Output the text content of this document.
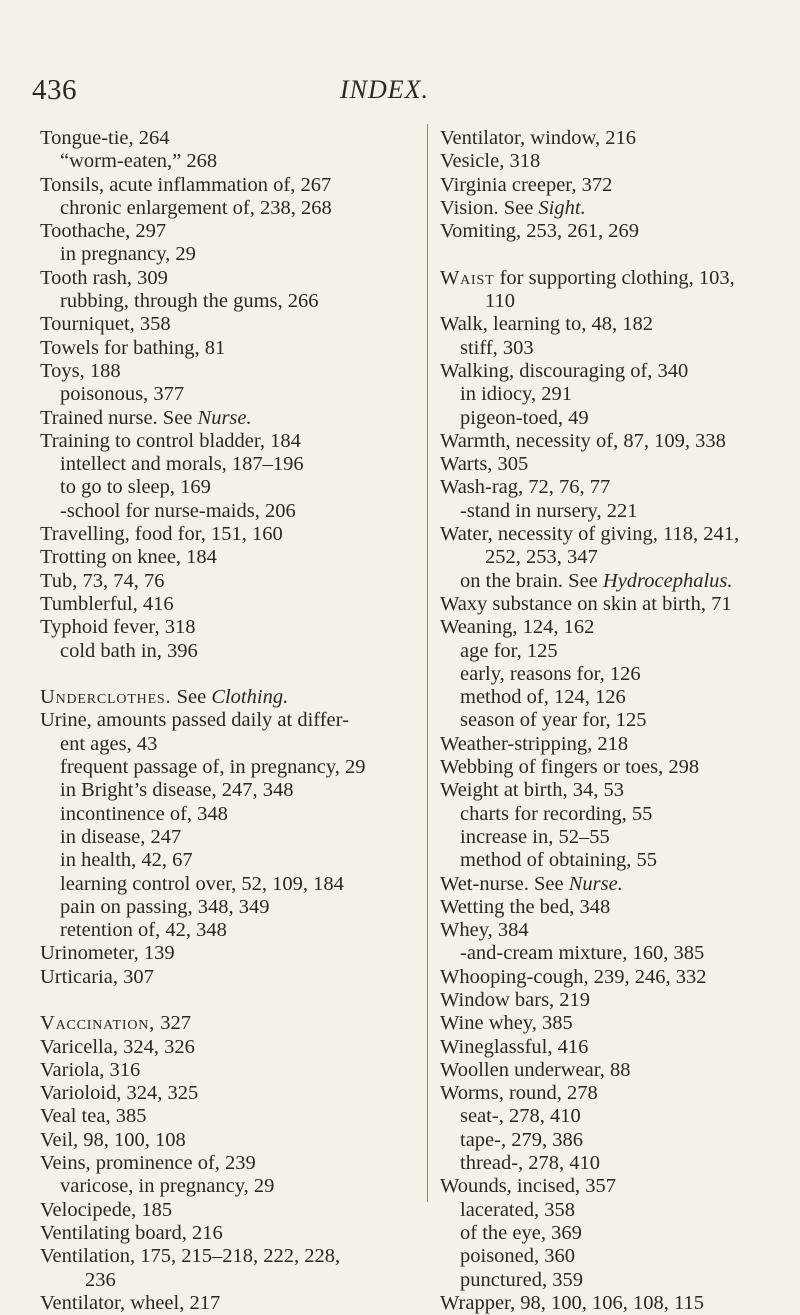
436	INDEX.
Tongue-tie, 264
“worm-eaten,” 268
Tonsils, acute inflammation of, 267
chronic enlargement of, 238, 268
Toothache, 297
in pregnancy, 29
Tooth rash, 309
rubbing, through the gums, 266
Tourniquet, 358
Towels for bathing, 81
Toys, 188
poisonous, 377
Trained nurse. See Nurse.
Training to control bladder, 184
intellect and morals, 187–196
to go to sleep, 169
-school for nurse-maids, 206
Travelling, food for, 151, 160
Trotting on knee, 184
Tub, 73, 74, 76
Tumblerful, 416
Typhoid fever, 318
cold bath in, 396
Underclothes. See Clothing.
Urine, amounts passed daily at differ-
ent ages, 43
frequent passage of, in pregnancy, 29
in Bright’s disease, 247, 348
incontinence of, 348
in disease, 247
in health, 42, 67
learning control over, 52, 109, 184
pain on passing, 348, 349
retention of, 42, 348
Urinometer, 139
Urticaria, 307
Vaccination, 327
Varicella, 324, 326
Variola, 316
Varioloid, 324, 325
Veal tea, 385
Veil, 98, 100, 108
Veins, prominence of, 239
varicose, in pregnancy, 29
Velocipede, 185
Ventilating board, 216
Ventilation, 175, 215–218, 222, 228,
236
Ventilator, wheel, 217
Ventilator, window, 216
Vesicle, 318
Virginia creeper, 372
Vision. See Sight.
Vomiting, 253, 261, 269
Waist for supporting clothing, 103,
110
Walk, learning to, 48, 182
stiff, 303
Walking, discouraging of, 340
in idiocy, 291
pigeon-toed, 49
Warmth, necessity of, 87, 109, 338
Warts, 305
Wash-rag, 72, 76, 77
-stand in nursery, 221
Water, necessity of giving, 118, 241,
252, 253, 347
on the brain. See Hydrocephalus.
Waxy substance on skin at birth, 71
Weaning, 124, 162
age for, 125
early, reasons for, 126
method of, 124, 126
season of year for, 125
Weather-stripping, 218
Webbing of fingers or toes, 298
Weight at birth, 34, 53
charts for recording, 55
increase in, 52–55
method of obtaining, 55
Wet-nurse. See Nurse.
Wetting the bed, 348
Whey, 384
-and-cream mixture, 160, 385
Whooping-cough, 239, 246, 332
Window bars, 219
Wine whey, 385
Wineglassful, 416
Woollen underwear, 88
Worms, round, 278
seat-, 278, 410
tape-, 279, 386
thread-, 278, 410
Wounds, incised, 357
lacerated, 358
of the eye, 369
poisoned, 360
punctured, 359
Wrapper, 98, 100, 106, 108, 115
